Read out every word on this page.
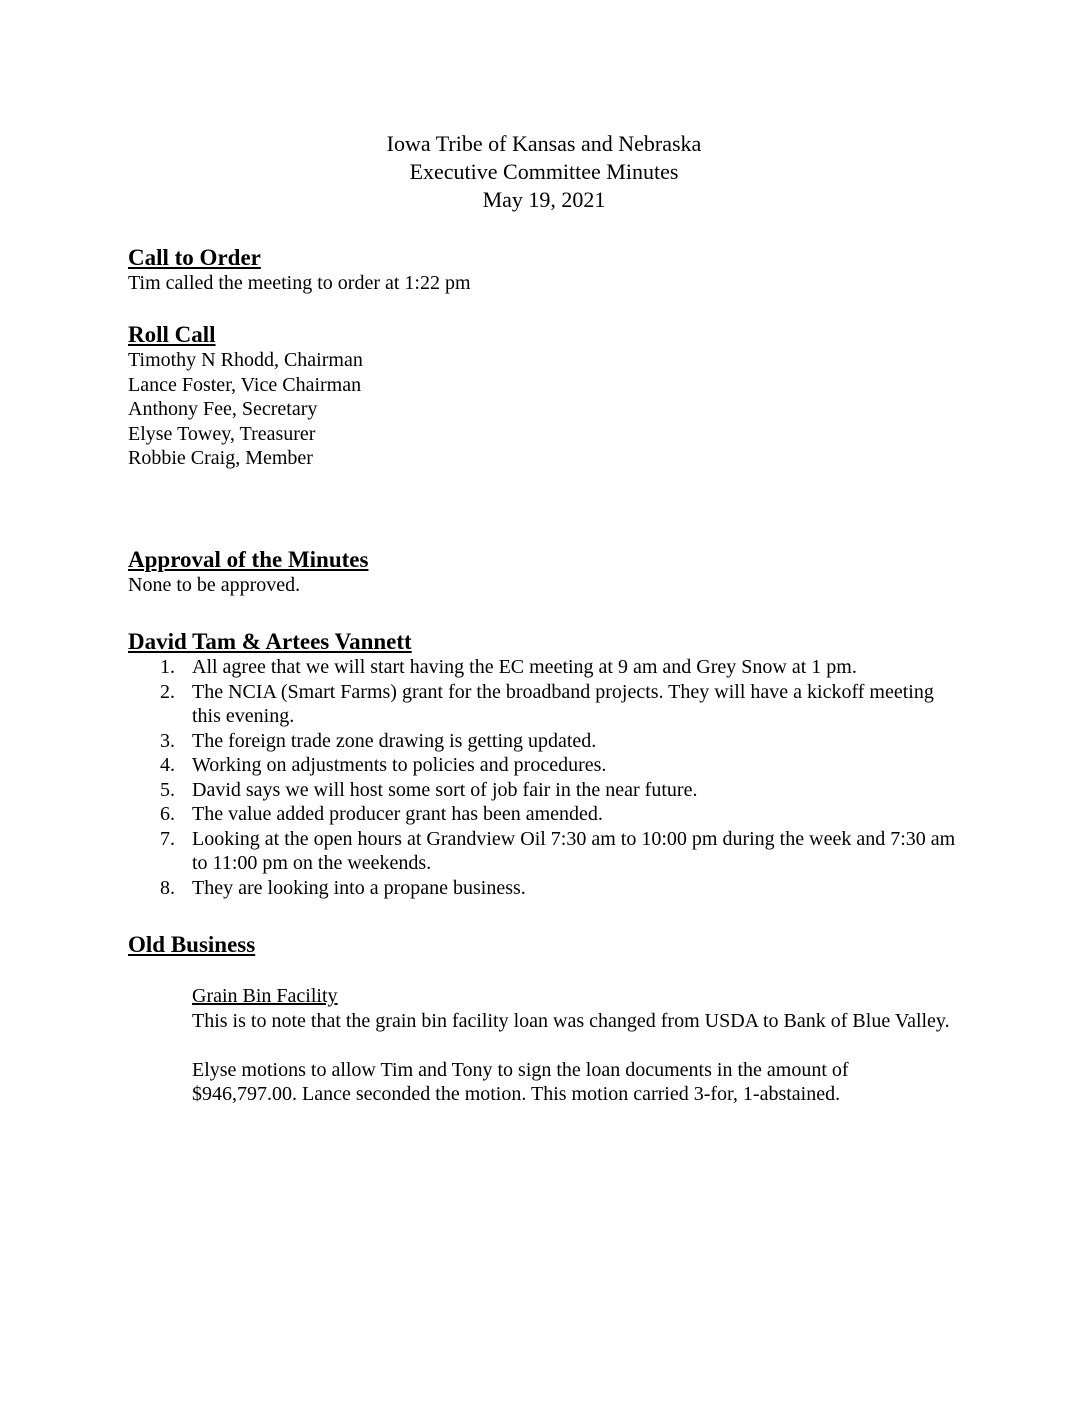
Iowa Tribe of Kansas and Nebraska
Executive Committee Minutes
May 19, 2021
Call to Order
Tim called the meeting to order at 1:22 pm
Roll Call
Timothy N Rhodd, Chairman
Lance Foster, Vice Chairman
Anthony Fee, Secretary
Elyse Towey, Treasurer
Robbie Craig, Member
Approval of the Minutes
None to be approved.
David Tam & Artees Vannett
1. All agree that we will start having the EC meeting at 9 am and Grey Snow at 1 pm.
2. The NCIA (Smart Farms) grant for the broadband projects. They will have a kickoff meeting this evening.
3. The foreign trade zone drawing is getting updated.
4. Working on adjustments to policies and procedures.
5. David says we will host some sort of job fair in the near future.
6. The value added producer grant has been amended.
7. Looking at the open hours at Grandview Oil 7:30 am to 10:00 pm during the week and 7:30 am to 11:00 pm on the weekends.
8. They are looking into a propane business.
Old Business
Grain Bin Facility
This is to note that the grain bin facility loan was changed from USDA to Bank of Blue Valley.
Elyse motions to allow Tim and Tony to sign the loan documents in the amount of $946,797.00. Lance seconded the motion. This motion carried 3-for, 1-abstained.
